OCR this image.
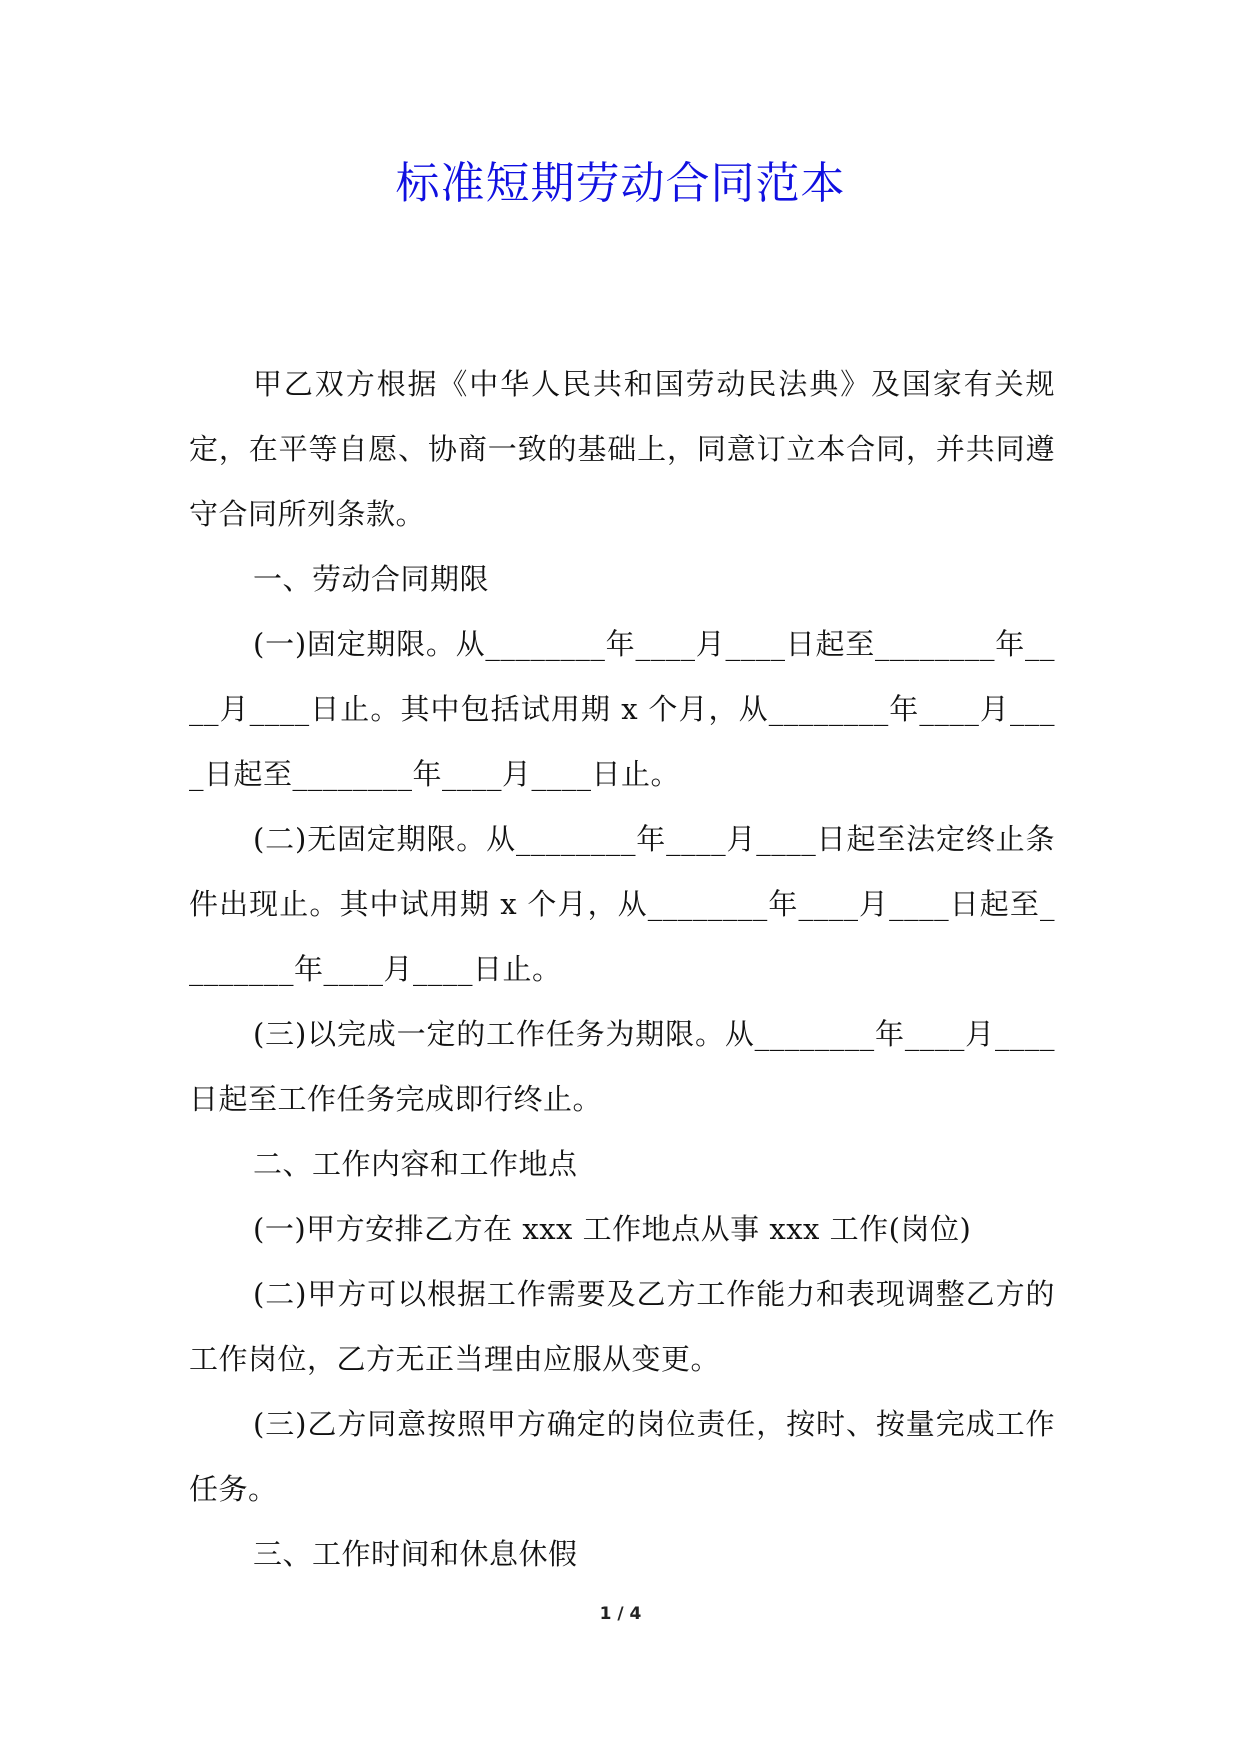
标准短期劳动合同范本

甲乙双方根据《中华人民共和国劳动民法典》及国家有关规定，在平等自愿、协商一致的基础上，同意订立本合同，并共同遵守合同所列条款。

一、劳动合同期限

(一)固定期限。从________年____月____日起至________年____月____日止。其中包括试用期 x 个月，从________年____月____日起至________年____月____日止。

(二)无固定期限。从________年____月____日起至法定终止条件出现止。其中试用期 x 个月，从________年____月____日起至________年____月____日止。

(三)以完成一定的工作任务为期限。从________年____月____日起至工作任务完成即行终止。

二、工作内容和工作地点

(一)甲方安排乙方在 xxx 工作地点从事 xxx 工作(岗位)

(二)甲方可以根据工作需要及乙方工作能力和表现调整乙方的工作岗位，乙方无正当理由应服从变更。

(三)乙方同意按照甲方确定的岗位责任，按时、按量完成工作任务。

三、工作时间和休息休假

1 / 4
